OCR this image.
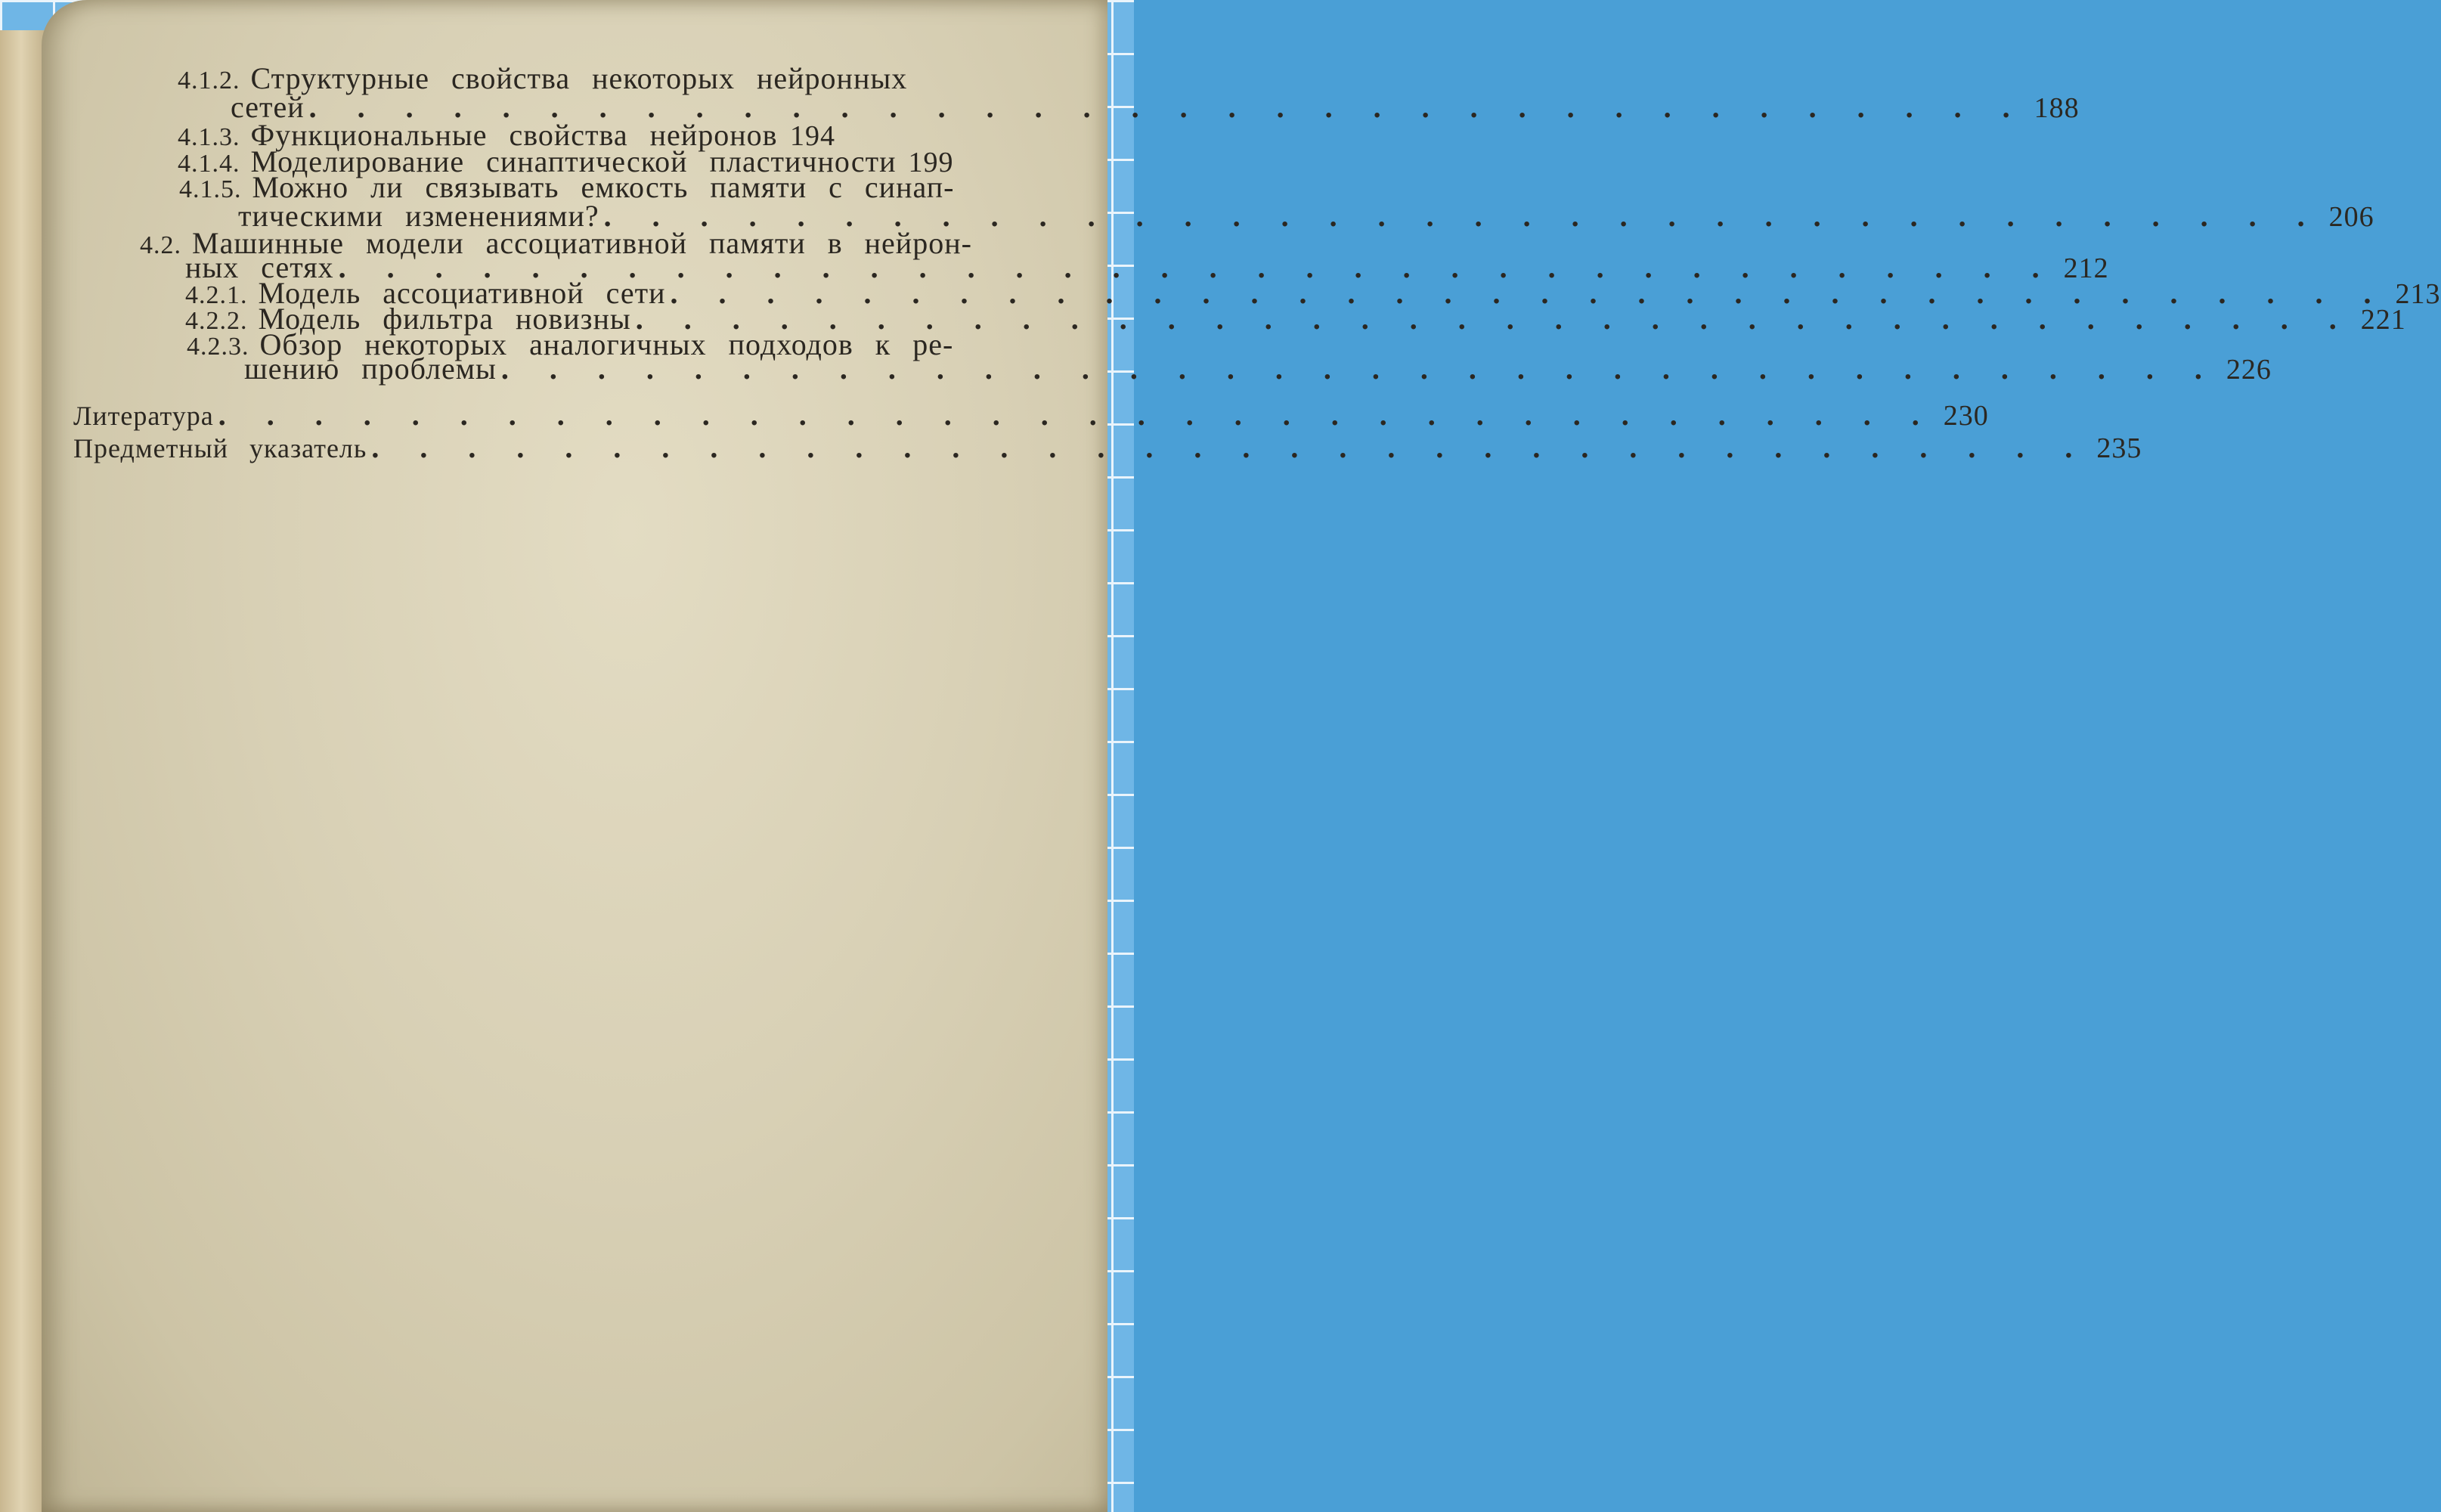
4.1.2. Структурные свойства некоторых нейронных
сетей . . . . . . . . . . . . . . . . . . . . . . . . . . . . . . . . . . . . 188
4.1.3. Функциональные свойства нейронов 194
4.1.4. Моделирование синаптической пластичности 199
4.1.5. Можно ли связывать емкость памяти с синап-
тическими изменениями? . . . . . . . . . . . . . . . . . . . . . . . . . . . . . . . . . . . . 206
4.2. Машинные модели ассоциативной памяти в нейрон-
ных сетях . . . . . . . . . . . . . . . . . . . . . . . . . . . . . . . . . . . . 212
4.2.1. Модель ассоциативной сети . . . . . . . . . . . . . . . . . . . . . . . . . . . . . . . . . . . . 213
4.2.2. Модель фильтра новизны . . . . . . . . . . . . . . . . . . . . . . . . . . . . . . . . . . . . 221
4.2.3. Обзор некоторых аналогичных подходов к ре-
шению проблемы . . . . . . . . . . . . . . . . . . . . . . . . . . . . . . . . . . . . 226
Литература . . . . . . . . . . . . . . . . . . . . . . . . . . . . . . . . . . . . 230
Предметный указатель . . . . . . . . . . . . . . . . . . . . . . . . . . . . . . . . . . . . 235
